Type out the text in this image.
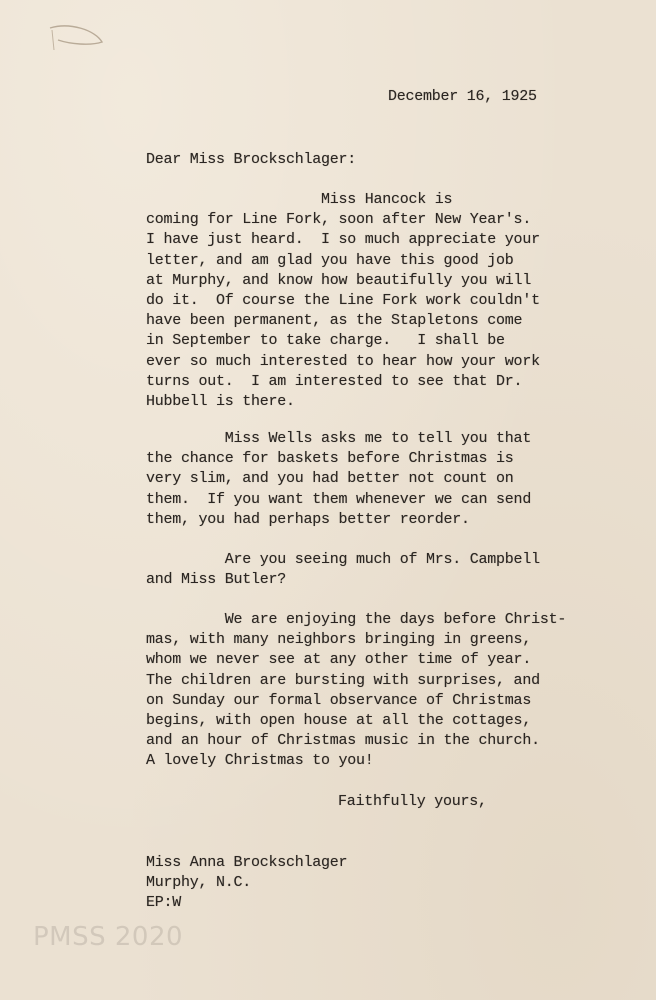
December 16, 1925
Dear Miss Brockschlager:
Miss Hancock is
coming for Line Fork, soon after New Year's.
I have just heard.  I so much appreciate your
letter, and am glad you have this good job
at Murphy, and know how beautifully you will
do it.  Of course the Line Fork work couldn't
have been permanent, as the Stapletons come
in September to take charge.   I shall be
ever so much interested to hear how your work
turns out.  I am interested to see that Dr.
Hubbell is there.
Miss Wells asks me to tell you that
the chance for baskets before Christmas is
very slim, and you had better not count on
them.  If you want them whenever we can send
them, you had perhaps better reorder.
Are you seeing much of Mrs. Campbell
and Miss Butler?
We are enjoying the days before Christ-
mas, with many neighbors bringing in greens,
whom we never see at any other time of year.
The children are bursting with surprises, and
on Sunday our formal observance of Christmas
begins, with open house at all the cottages,
and an hour of Christmas music in the church.
A lovely Christmas to you!
Faithfully yours,
Miss Anna Brockschlager
Murphy, N.C.
EP:W
PMSS 2020
